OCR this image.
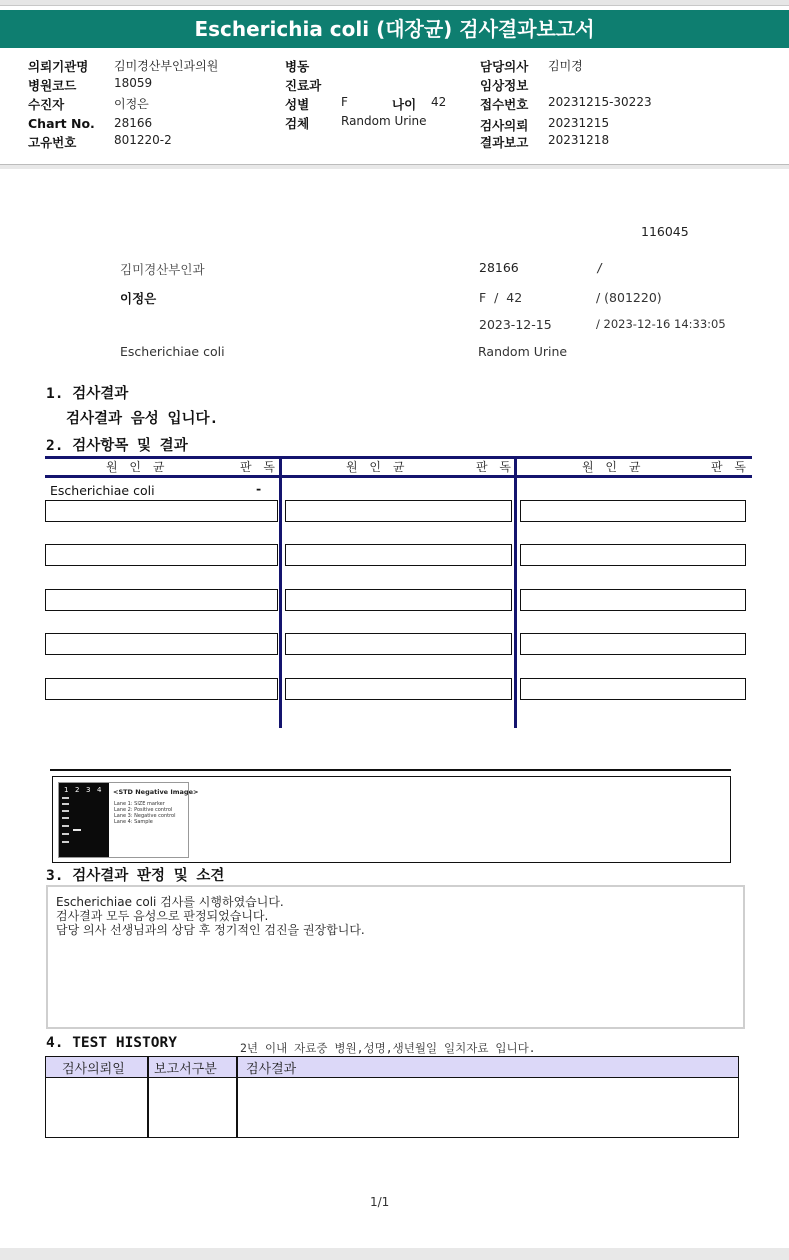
Escherichia coli (대장균) 검사결과보고서
의뢰기관명 김미경산부인과의원
병원코드	18059
수진자	이정은
Chart No. 28166
고유번호	801220-2
병동
진료과
성별	F	나이 42
검체	Random Urine
담당의사 김미경
임상정보
접수번호 20231215-30223
검사의뢰 20231215
결과보고 20231218
116045
김미경산부인과	28166	/
이정은	F  /  42	/ (801220)
2023-12-15	/ 2023-12-16 14:33:05
Escherichiae coli	Random Urine
1. 검사결과
검사결과 음성 입니다.
2. 검사항목 및 결과
원 인 균	판 독	원 인 균	판 독	원 인 균	판 독
Escherichiae coli	-
1 2 3 4 <STD Negative Image>
Lane 1: SIZE marker
Lane 2: Positive control
Lane 3: Negative control
Lane 4: Sample
3. 검사결과 판정 및 소견
Escherichiae coli 검사를 시행하였습니다.
검사결과 모두 음성으로 판정되었습니다.
담당 의사 선생님과의 상담 후 정기적인 검진을 권장합니다.
4. TEST HISTORY	2년 이내 자료중 병원,성명,생년월일 일치자료 입니다.
검사의뢰일 보고서구분 검사결과
1/1
